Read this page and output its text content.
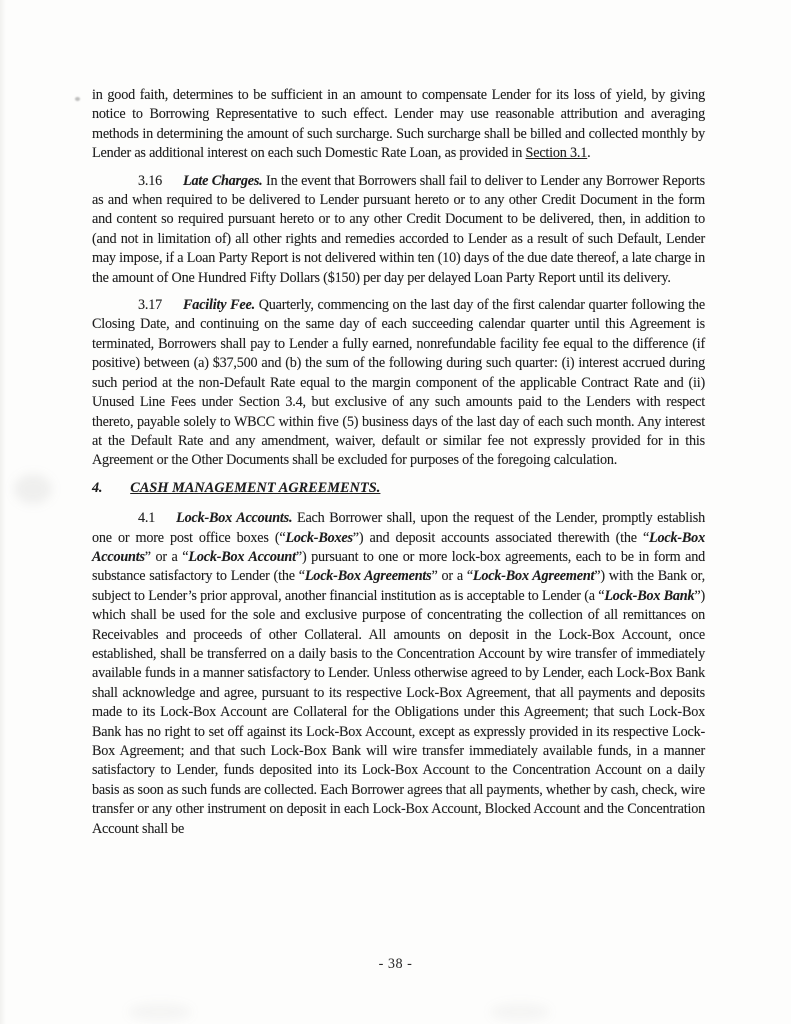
in good faith, determines to be sufficient in an amount to compensate Lender for its loss of yield, by giving notice to Borrowing Representative to such effect. Lender may use reasonable attribution and averaging methods in determining the amount of such surcharge. Such surcharge shall be billed and collected monthly by Lender as additional interest on each such Domestic Rate Loan, as provided in Section 3.1.

3.16 Late Charges. In the event that Borrowers shall fail to deliver to Lender any Borrower Reports as and when required to be delivered to Lender pursuant hereto or to any other Credit Document in the form and content so required pursuant hereto or to any other Credit Document to be delivered, then, in addition to (and not in limitation of) all other rights and remedies accorded to Lender as a result of such Default, Lender may impose, if a Loan Party Report is not delivered within ten (10) days of the due date thereof, a late charge in the amount of One Hundred Fifty Dollars ($150) per day per delayed Loan Party Report until its delivery.

3.17 Facility Fee. Quarterly, commencing on the last day of the first calendar quarter following the Closing Date, and continuing on the same day of each succeeding calendar quarter until this Agreement is terminated, Borrowers shall pay to Lender a fully earned, nonrefundable facility fee equal to the difference (if positive) between (a) $37,500 and (b) the sum of the following during such quarter: (i) interest accrued during such period at the non-Default Rate equal to the margin component of the applicable Contract Rate and (ii) Unused Line Fees under Section 3.4, but exclusive of any such amounts paid to the Lenders with respect thereto, payable solely to WBCC within five (5) business days of the last day of each such month. Any interest at the Default Rate and any amendment, waiver, default or similar fee not expressly provided for in this Agreement or the Other Documents shall be excluded for purposes of the foregoing calculation.

4. CASH MANAGEMENT AGREEMENTS.

4.1 Lock-Box Accounts. Each Borrower shall, upon the request of the Lender, promptly establish one or more post office boxes (“Lock-Boxes”) and deposit accounts associated therewith (the “Lock-Box Accounts” or a “Lock-Box Account”) pursuant to one or more lock-box agreements, each to be in form and substance satisfactory to Lender (the “Lock-Box Agreements” or a “Lock-Box Agreement”) with the Bank or, subject to Lender’s prior approval, another financial institution as is acceptable to Lender (a “Lock-Box Bank”) which shall be used for the sole and exclusive purpose of concentrating the collection of all remittances on Receivables and proceeds of other Collateral. All amounts on deposit in the Lock-Box Account, once established, shall be transferred on a daily basis to the Concentration Account by wire transfer of immediately available funds in a manner satisfactory to Lender. Unless otherwise agreed to by Lender, each Lock-Box Bank shall acknowledge and agree, pursuant to its respective Lock-Box Agreement, that all payments and deposits made to its Lock-Box Account are Collateral for the Obligations under this Agreement; that such Lock-Box Bank has no right to set off against its Lock-Box Account, except as expressly provided in its respective Lock-Box Agreement; and that such Lock-Box Bank will wire transfer immediately available funds, in a manner satisfactory to Lender, funds deposited into its Lock-Box Account to the Concentration Account on a daily basis as soon as such funds are collected. Each Borrower agrees that all payments, whether by cash, check, wire transfer or any other instrument on deposit in each Lock-Box Account, Blocked Account and the Concentration Account shall be

- 38 -
